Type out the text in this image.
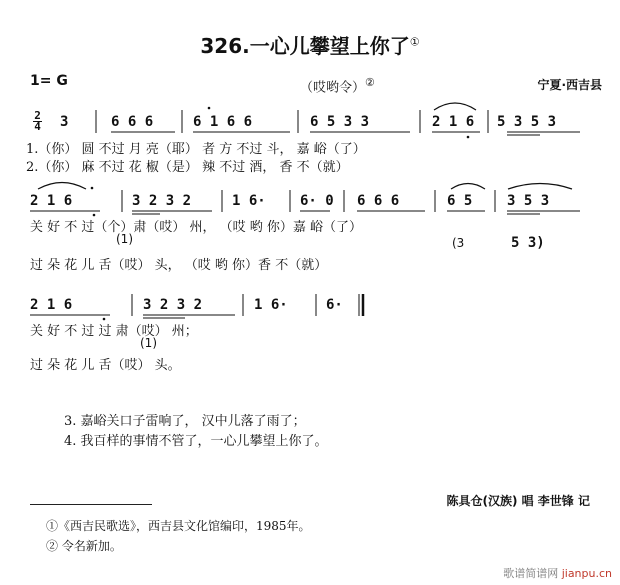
326.一心儿攀望上你了①
1= G	（哎哟令）②	宁夏·西吉县
2
4 3	6 6 6	6 1 6 6	6 5 3 3	2 1 6 5 3 5 3
1.（你） 圆 不过 月 亮（耶） 者 方 不过 斗， 嘉 峪（了）
2.（你） 麻 不过 花 椒（是） 辣 不过 酒， 香 不（就）
2 1 6	3 2 3 2	1 6· 6· 0 6 6 6	6 5 3 5 3
关 好 不 过（个）肃（哎） 州， （哎 哟 你）嘉 峪（了）
(1)	(3	5 3)
过 朵 花 儿 舌（哎） 头， （哎 哟 你）香 不（就）
2 1 6	3 2 3 2	1 6·	6·
关 好 不 过 过 肃（哎） 州；
(1)
过 朵 花 儿 舌（哎） 头。
3. 嘉峪关口子雷响了， 汉中儿落了雨了；
4. 我百样的事情不管了，一心儿攀望上你了。
陈具仓(汉族) 唱 李世锋 记
①《西吉民歌选》，西吉县文化馆编印，1985年。
② 令名新加。
歌谱简谱网 jianpu.cn
